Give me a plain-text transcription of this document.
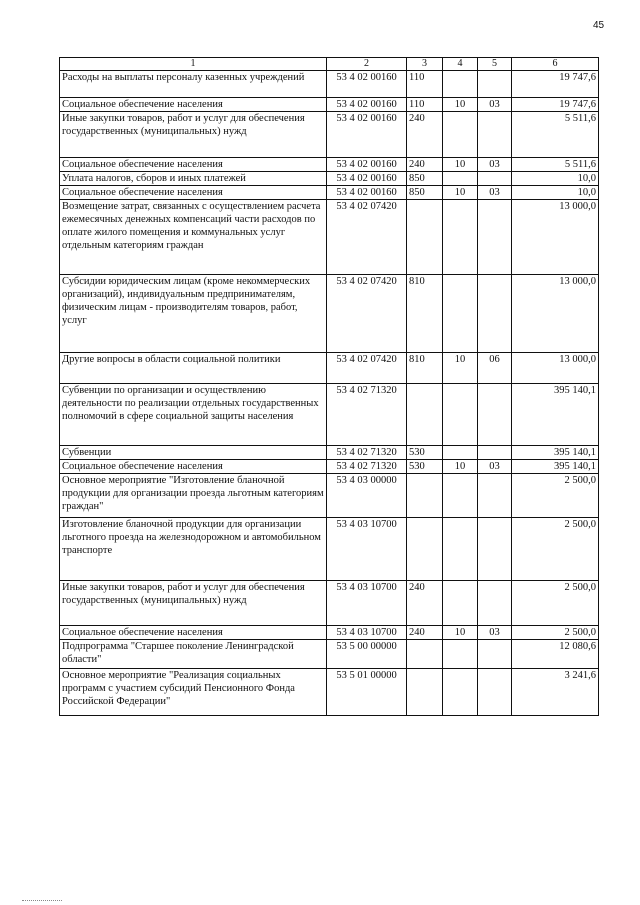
45
1	2	3	4	5	6
Расходы на выплаты персоналу казенных учреждений	53 4 02 00160	110			19 747,6
Социальное обеспечение населения	53 4 02 00160	110	10	03	19 747,6
Иные закупки товаров, работ и услуг для обеспечения государственных (муниципальных) нужд	53 4 02 00160	240			5 511,6
Социальное обеспечение населения	53 4 02 00160	240	10	03	5 511,6
Уплата налогов, сборов и иных платежей	53 4 02 00160	850			10,0
Социальное обеспечение населения	53 4 02 00160	850	10	03	10,0
Возмещение затрат, связанных с осуществлением расчета ежемесячных денежных компенсаций части расходов по оплате жилого помещения и коммунальных услуг отдельным категориям граждан	53 4 02 07420				13 000,0
Субсидии юридическим лицам (кроме некоммерческих организаций), индивидуальным предпринимателям, физическим лицам - производителям товаров, работ, услуг	53 4 02 07420	810			13 000,0
Другие вопросы в области социальной политики	53 4 02 07420	810	10	06	13 000,0
Субвенции по организации и осуществлению деятельности по реализации отдельных государственных полномочий в сфере социальной защиты населения	53 4 02 71320				395 140,1
Субвенции	53 4 02 71320	530			395 140,1
Социальное обеспечение населения	53 4 02 71320	530	10	03	395 140,1
Основное мероприятие "Изготовление бланочной продукции для организации проезда льготным категориям граждан"	53 4 03 00000				2 500,0
Изготовление бланочной продукции для организации льготного проезда на железнодорожном и автомобильном транспорте	53 4 03 10700				2 500,0
Иные закупки товаров, работ и услуг для обеспечения государственных (муниципальных) нужд	53 4 03 10700	240			2 500,0
Социальное обеспечение населения	53 4 03 10700	240	10	03	2 500,0
Подпрограмма "Старшее поколение Ленинградской области"	53 5 00 00000				12 080,6
Основное мероприятие "Реализация социальных программ с участием субсидий Пенсионного Фонда Российской Федерации"	53 5 01 00000				3 241,6
